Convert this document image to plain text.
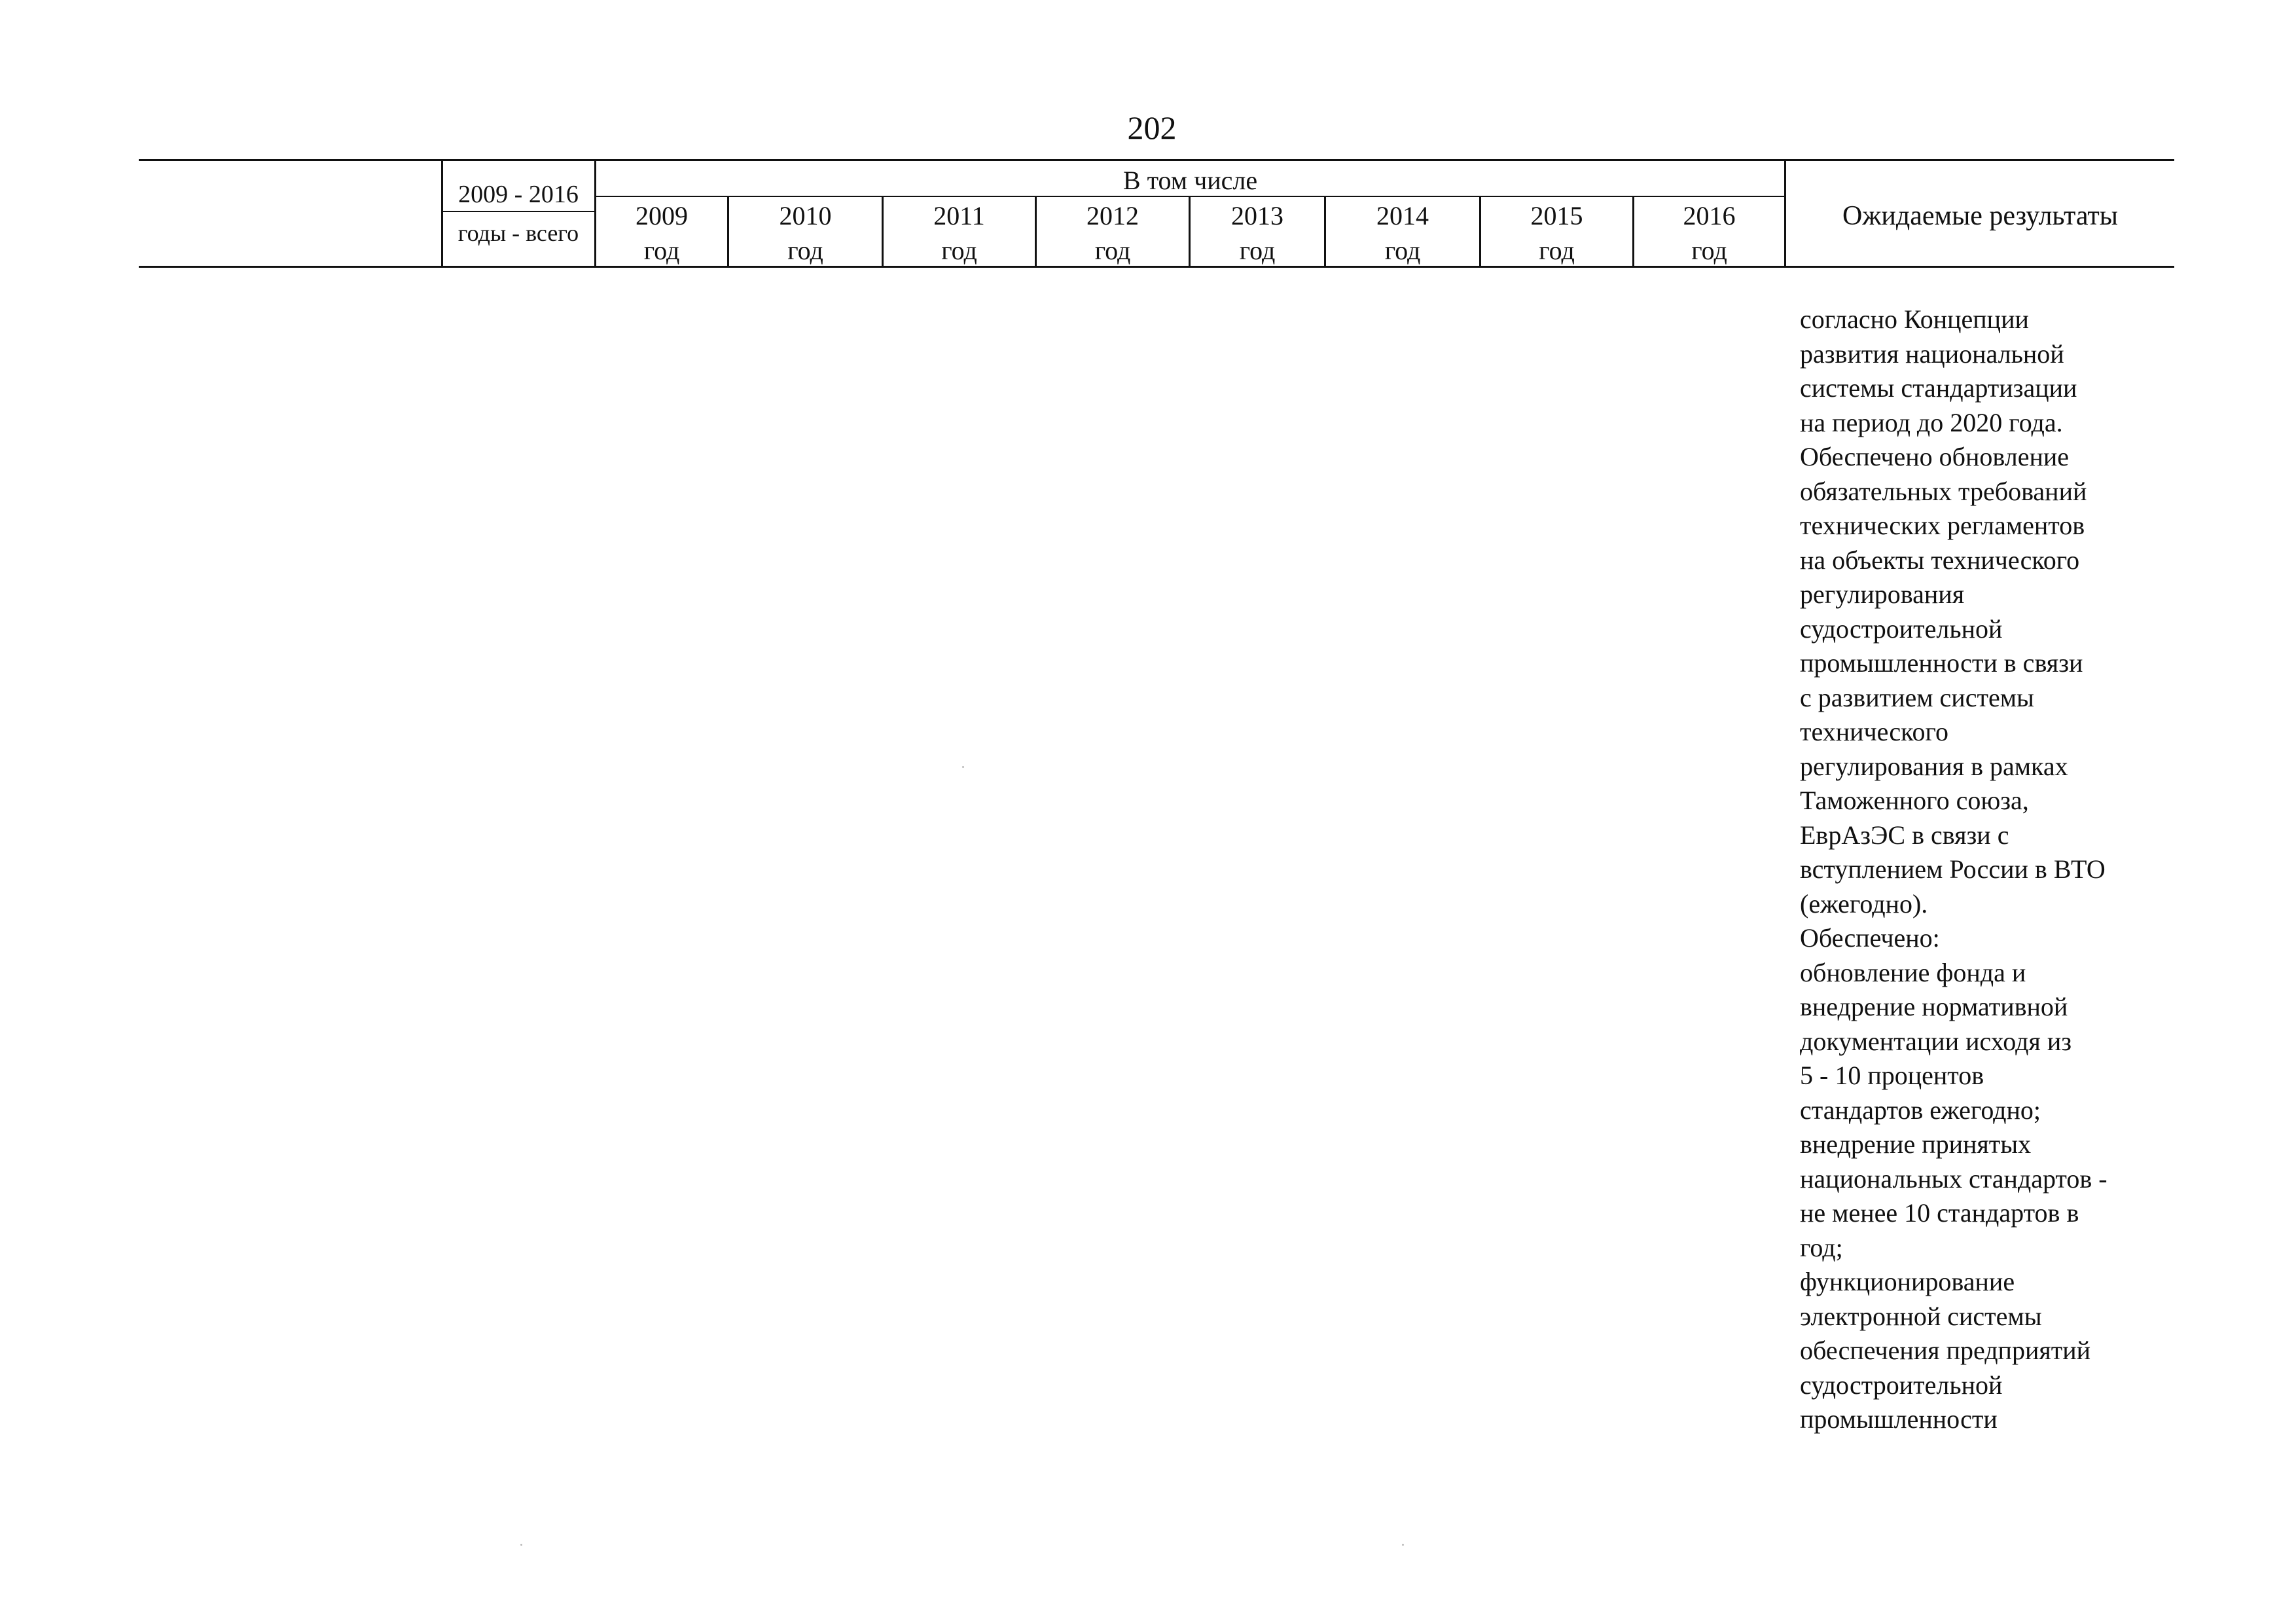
202
2009 - 2016
годы - всего
В том числе
2009
год
2010
год
2011
год
2012
год
2013
год
2014
год
2015
год
2016
год
Ожидаемые результаты
согласно Концепции
развития национальной
системы стандартизации
на период до 2020 года.
Обеспечено обновление
обязательных требований
технических регламентов
на объекты технического
регулирования
судостроительной
промышленности в связи
с развитием системы
технического
регулирования в рамках
Таможенного союза,
ЕврАзЭС в связи с
вступлением России в ВТО
(ежегодно).
Обеспечено:
обновление фонда и
внедрение нормативной
документации исходя из
5 - 10 процентов
стандартов ежегодно;
внедрение принятых
национальных стандартов -
не менее 10 стандартов в
год;
функционирование
электронной системы
обеспечения предприятий
судостроительной
промышленности
